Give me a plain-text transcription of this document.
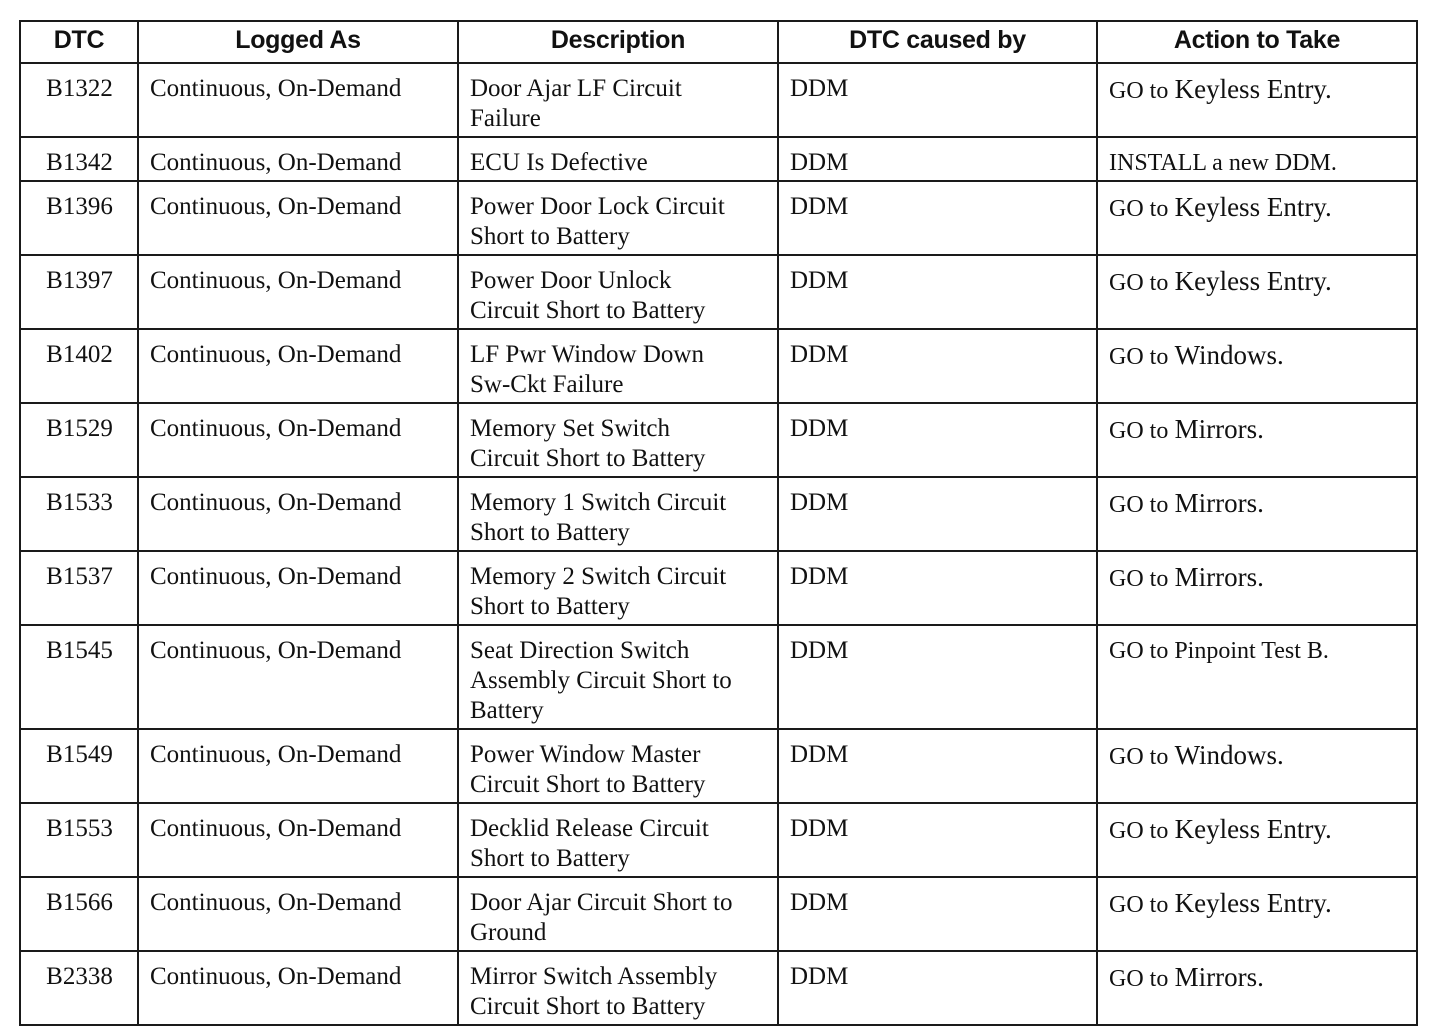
DTC	Logged As	Description	DTC caused by	Action to Take
B1322	Continuous, On-Demand	Door Ajar LF Circuit
Failure	DDM	GO to Keyless Entry.
B1342	Continuous, On-Demand	ECU Is Defective	DDM	INSTALL a new DDM.
B1396	Continuous, On-Demand	Power Door Lock Circuit
Short to Battery	DDM	GO to Keyless Entry.
B1397	Continuous, On-Demand	Power Door Unlock
Circuit Short to Battery	DDM	GO to Keyless Entry.
B1402	Continuous, On-Demand	LF Pwr Window Down
Sw-Ckt Failure	DDM	GO to Windows.
B1529	Continuous, On-Demand	Memory Set Switch
Circuit Short to Battery	DDM	GO to Mirrors.
B1533	Continuous, On-Demand	Memory 1 Switch Circuit
Short to Battery	DDM	GO to Mirrors.
B1537	Continuous, On-Demand	Memory 2 Switch Circuit
Short to Battery	DDM	GO to Mirrors.
B1545	Continuous, On-Demand	Seat Direction Switch
Assembly Circuit Short to
Battery	DDM	GO to Pinpoint Test B.
B1549	Continuous, On-Demand	Power Window Master
Circuit Short to Battery	DDM	GO to Windows.
B1553	Continuous, On-Demand	Decklid Release Circuit
Short to Battery	DDM	GO to Keyless Entry.
B1566	Continuous, On-Demand	Door Ajar Circuit Short to
Ground	DDM	GO to Keyless Entry.
B2338	Continuous, On-Demand	Mirror Switch Assembly
Circuit Short to Battery	DDM	GO to Mirrors.
